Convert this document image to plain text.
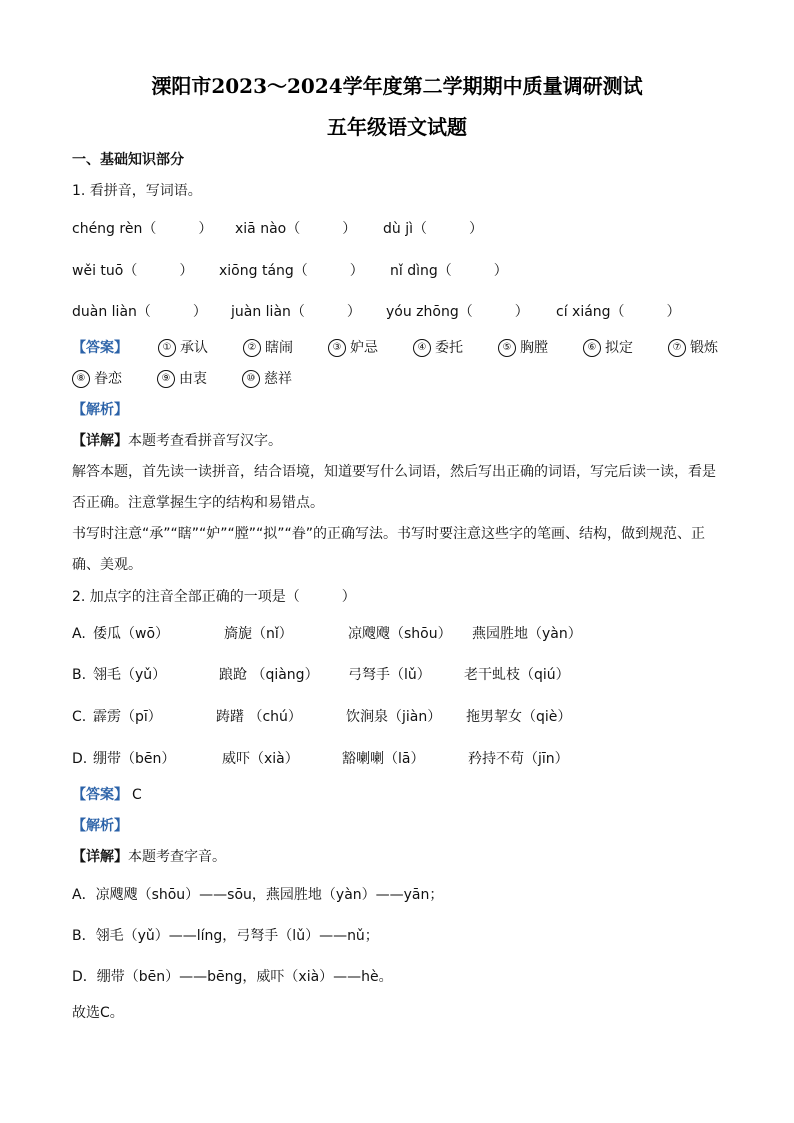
溧阳市2023～2024学年度第二学期期中质量调研测试
五年级语文试题
一、基础知识部分
1. 看拼音，写词语。
chéng rèn（　　　） xiā nào（　　　） dù jì（　　　）
wěi tuō（　　　） xiōng táng（　　　） nǐ dìng（　　　）
duàn liàn（　　　） juàn liàn（　　　） yóu zhōng（　　　） cí xiáng（　　　）
【答案】	① 承认	② 瞎闹	③ 妒忌	④ 委托	⑤ 胸膛	⑥ 拟定	⑦ 锻炼
⑧ 眷恋	⑨ 由衷	⑩ 慈祥
【解析】
【详解】本题考查看拼音写汉字。
解答本题，首先读一读拼音，结合语境，知道要写什么词语，然后写出正确的词语，写完后读一读，看是否正确。注意掌握生字的结构和易错点。
书写时注意“承”“瞎”“妒”“膛”“拟”“眷”的正确写法。书写时要注意这些字的笔画、结构，做到规范、正确、美观。
2. 加点字的注音全部正确的一项是（　　　）
A. 倭瓜（wō）	旖旎（nǐ）	凉飕飕（shōu） 燕园胜地（yàn）
B. 翎毛（yǔ）	踉跄 （qiàng） 弓弩手（lǔ） 老干虬枝（qiú）
C. 霹雳（pī）	踌躇 （chú）	饮涧泉（jiàn） 拖男挈女（qiè）
D. 绷带（bēn）	威吓（xià）	豁喇喇（lā）	矜持不苟（jīn）
【答案】 C
【解析】
【详解】本题考查字音。
A．凉飕飕（shōu）——sōu，燕园胜地（yàn）——yān；
B．翎毛（yǔ）——líng，弓弩手（lǔ）——nǔ；
D．绷带（bēn）——bēng，威吓（xià）——hè。
故选C。
